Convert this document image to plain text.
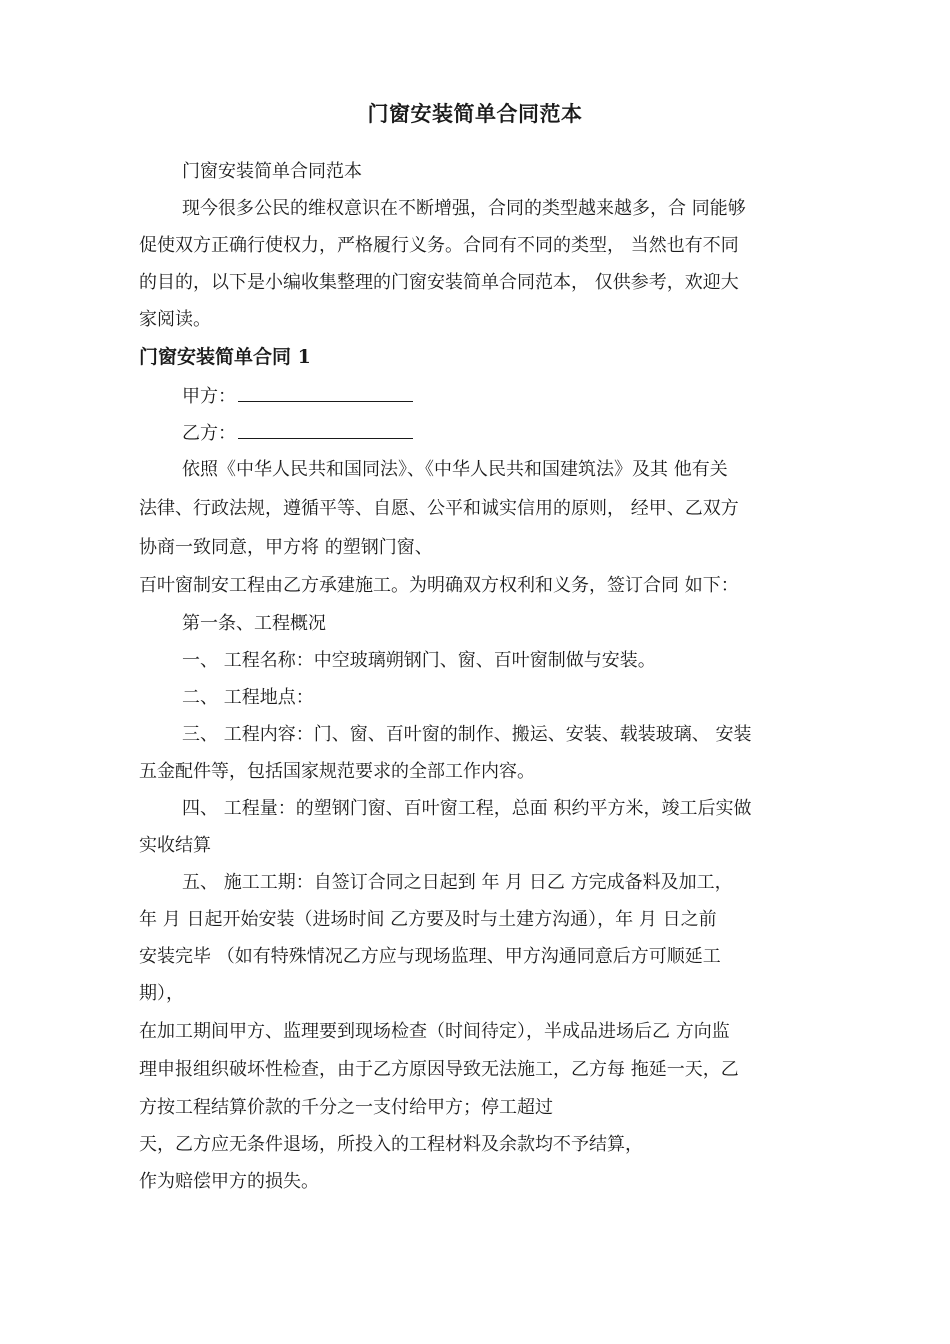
门窗安装简单合同范本
门窗安装简单合同范本
现今很多公民的维权意识在不断增强，合同的类型越来越多，合 同能够
促使双方正确行使权力，严格履行义务。合同有不同的类型， 当然也有不同
的目的，以下是小编收集整理的门窗安装简单合同范本， 仅供参考，欢迎大
家阅读。
门窗安装简单合同 1
甲方：
乙方：
依照《中华人民共和国同法》、《中华人民共和国建筑法》及其 他有关
法律、行政法规，遵循平等、自愿、公平和诚实信用的原则， 经甲、乙双方
协商一致同意，甲方将 的塑钢门窗、
百叶窗制安工程由乙方承建施工。为明确双方权利和义务，签订合同 如下：
第一条、工程概况
一、 工程名称：中空玻璃朔钢门、窗、百叶窗制做与安装。
二、 工程地点：
三、 工程内容：门、窗、百叶窗的制作、搬运、安装、载装玻璃、 安装
五金配件等，包括国家规范要求的全部工作内容。
四、 工程量：的塑钢门窗、百叶窗工程，总面 积约平方米，竣工后实做
实收结算
五、 施工工期：自签订合同之日起到 年 月 日乙 方完成备料及加工，
年 月 日起开始安装（进场时间 乙方要及时与土建方沟通），年 月 日之前
安装完毕 （如有特殊情况乙方应与现场监理、甲方沟通同意后方可顺延工
期），
在加工期间甲方、监理要到现场检查（时间待定），半成品进场后乙 方向监
理申报组织破坏性检查，由于乙方原因导致无法施工，乙方每 拖延一天，乙
方按工程结算价款的千分之一支付给甲方；停工超过
天，乙方应无条件退场，所投入的工程材料及余款均不予结算，
作为赔偿甲方的损失。
